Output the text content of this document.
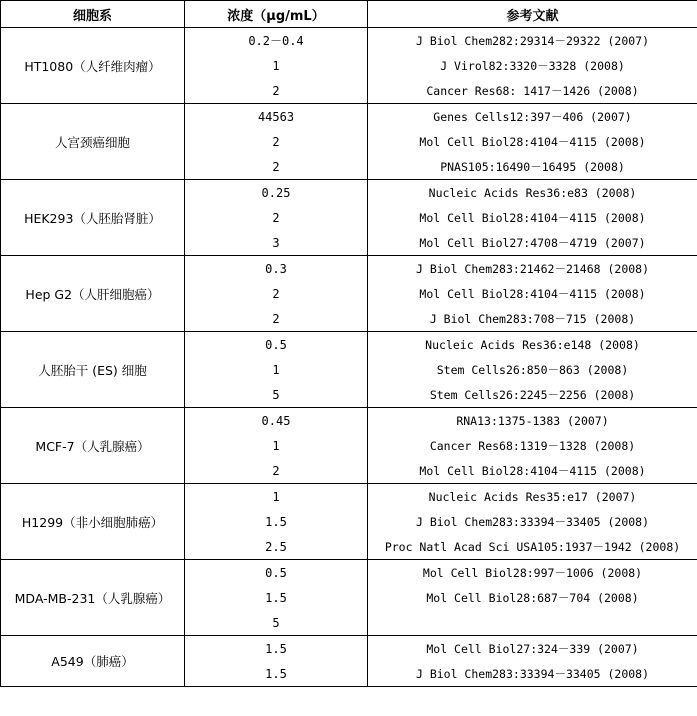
细胞系	浓度（μg/mL）	参考文献
HT1080（人纤维肉瘤）	0.2－0.4	J Biol Chem282:29314－29322 (2007)
	1	J Virol82:3320－3328 (2008)
	2	Cancer Res68: 1417－1426 (2008)
人宫颈癌细胞	44563	Genes Cells12:397－406 (2007)
	2	Mol Cell Biol28:4104－4115 (2008)
	2	PNAS105:16490－16495 (2008)
HEK293（人胚胎肾脏）	0.25	Nucleic Acids Res36:e83 (2008)
	2	Mol Cell Biol28:4104－4115 (2008)
	3	Mol Cell Biol27:4708－4719 (2007)
Hep G2（人肝细胞癌）	0.3	J Biol Chem283:21462－21468 (2008)
	2	Mol Cell Biol28:4104－4115 (2008)
	2	J Biol Chem283:708－715 (2008)
人胚胎干 (ES) 细胞	0.5	Nucleic Acids Res36:e148 (2008)
	1	Stem Cells26:850－863 (2008)
	5	Stem Cells26:2245－2256 (2008)
MCF-7（人乳腺癌）	0.45	RNA13:1375-1383 (2007)
	1	Cancer Res68:1319－1328 (2008)
	2	Mol Cell Biol28:4104－4115 (2008)
H1299（非小细胞肺癌）	1	Nucleic Acids Res35:e17 (2007)
	1.5	J Biol Chem283:33394－33405 (2008)
	2.5	Proc Natl Acad Sci USA105:1937－1942 (2008)
MDA-MB-231（人乳腺癌）	0.5	Mol Cell Biol28:997－1006 (2008)
	1.5	Mol Cell Biol28:687－704 (2008)
	5	
A549（肺癌）	1.5	Mol Cell Biol27:324－339 (2007)
	1.5	J Biol Chem283:33394－33405 (2008)
